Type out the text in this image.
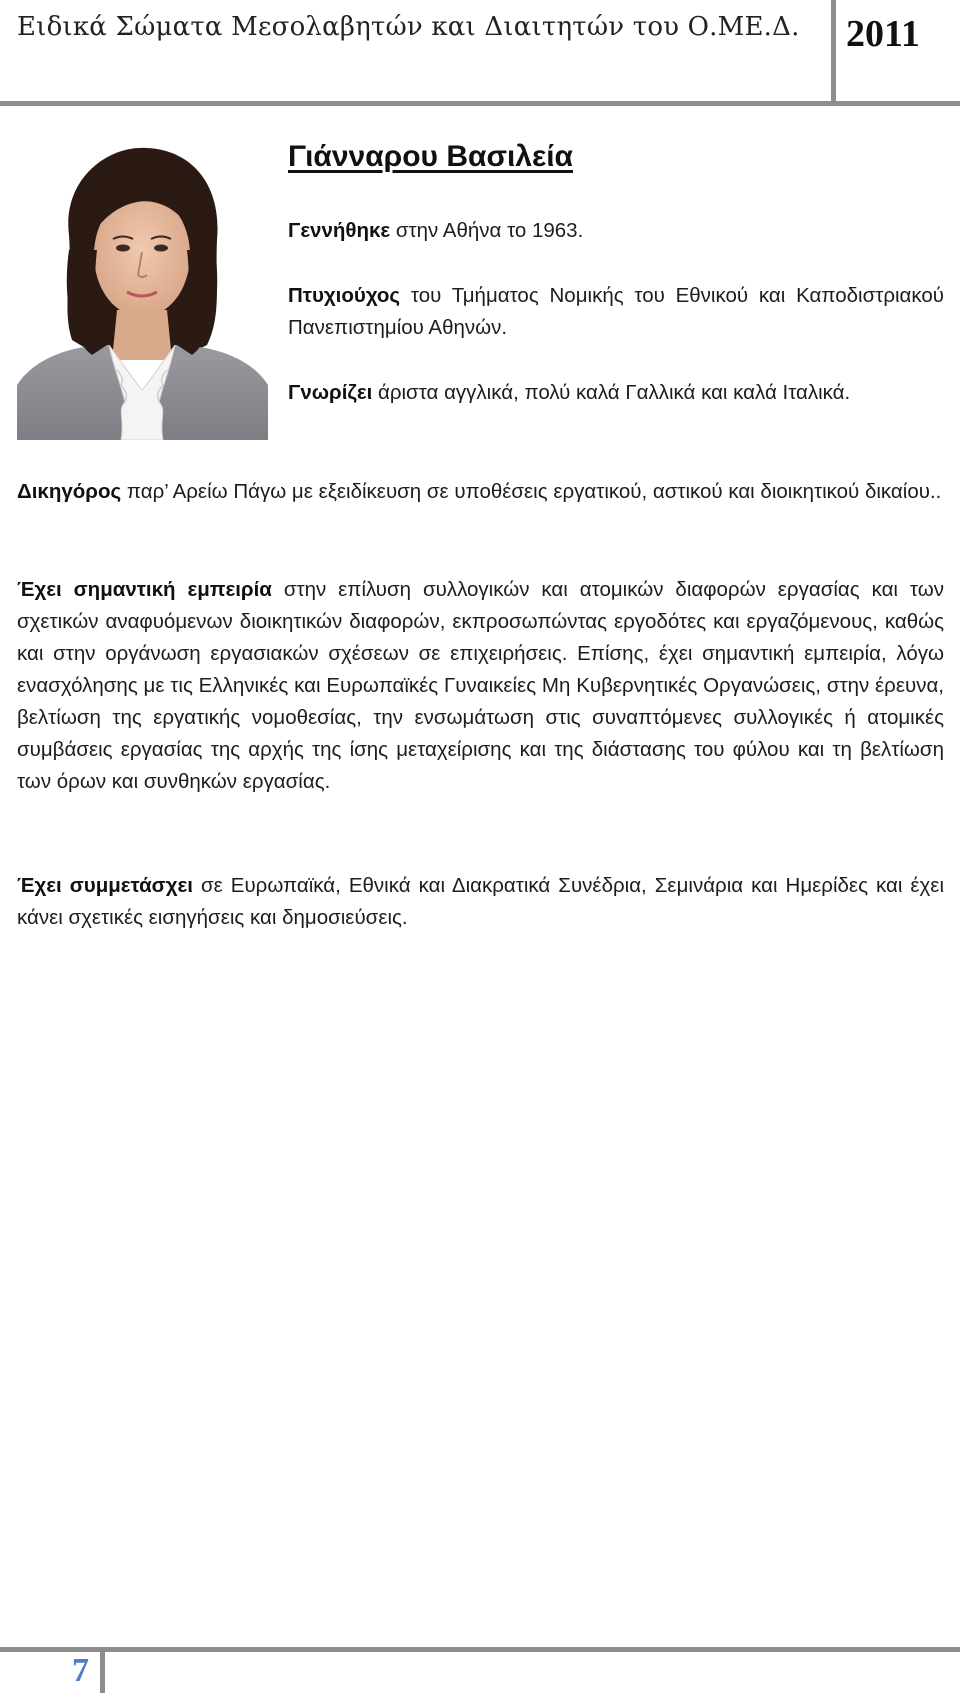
Ειδικά Σώματα Μεσολαβητών και Διαιτητών του Ο.ΜΕ.Δ. 2011
Γιάνναρου Βασιλεία

Γεννήθηκε στην Αθήνα το 1963.

Πτυχιούχος του Τμήματος Νομικής του Εθνικού και Καποδιστριακού Πανεπιστημίου Αθηνών.

Γνωρίζει άριστα αγγλικά, πολύ καλά Γαλλικά και καλά Ιταλικά.

Δικηγόρος παρ’ Αρείω Πάγω με εξειδίκευση σε υποθέσεις εργατικού, αστικού και διοικητικού δικαίου..

Έχει σημαντική εμπειρία στην επίλυση συλλογικών και ατομικών διαφορών εργασίας και των σχετικών αναφυόμενων διοικητικών διαφορών, εκπροσωπώντας εργοδότες και εργαζόμενους, καθώς και στην οργάνωση εργασιακών σχέσεων σε επιχειρήσεις. Επίσης, έχει σημαντική εμπειρία, λόγω ενασχόλησης με τις Ελληνικές και Ευρωπαϊκές Γυναικείες Μη Κυβερνητικές Οργανώσεις, στην έρευνα, βελτίωση της εργατικής νομοθεσίας, την ενσωμάτωση στις συναπτόμενες συλλογικές ή ατομικές συμβάσεις εργασίας της αρχής της ίσης μεταχείρισης και της διάστασης του φύλου και τη βελτίωση των όρων και συνθηκών εργασίας.

Έχει συμμετάσχει σε Ευρωπαϊκά, Εθνικά και Διακρατικά Συνέδρια, Σεμινάρια και Ημερίδες και έχει κάνει σχετικές εισηγήσεις και δημοσιεύσεις.

7
